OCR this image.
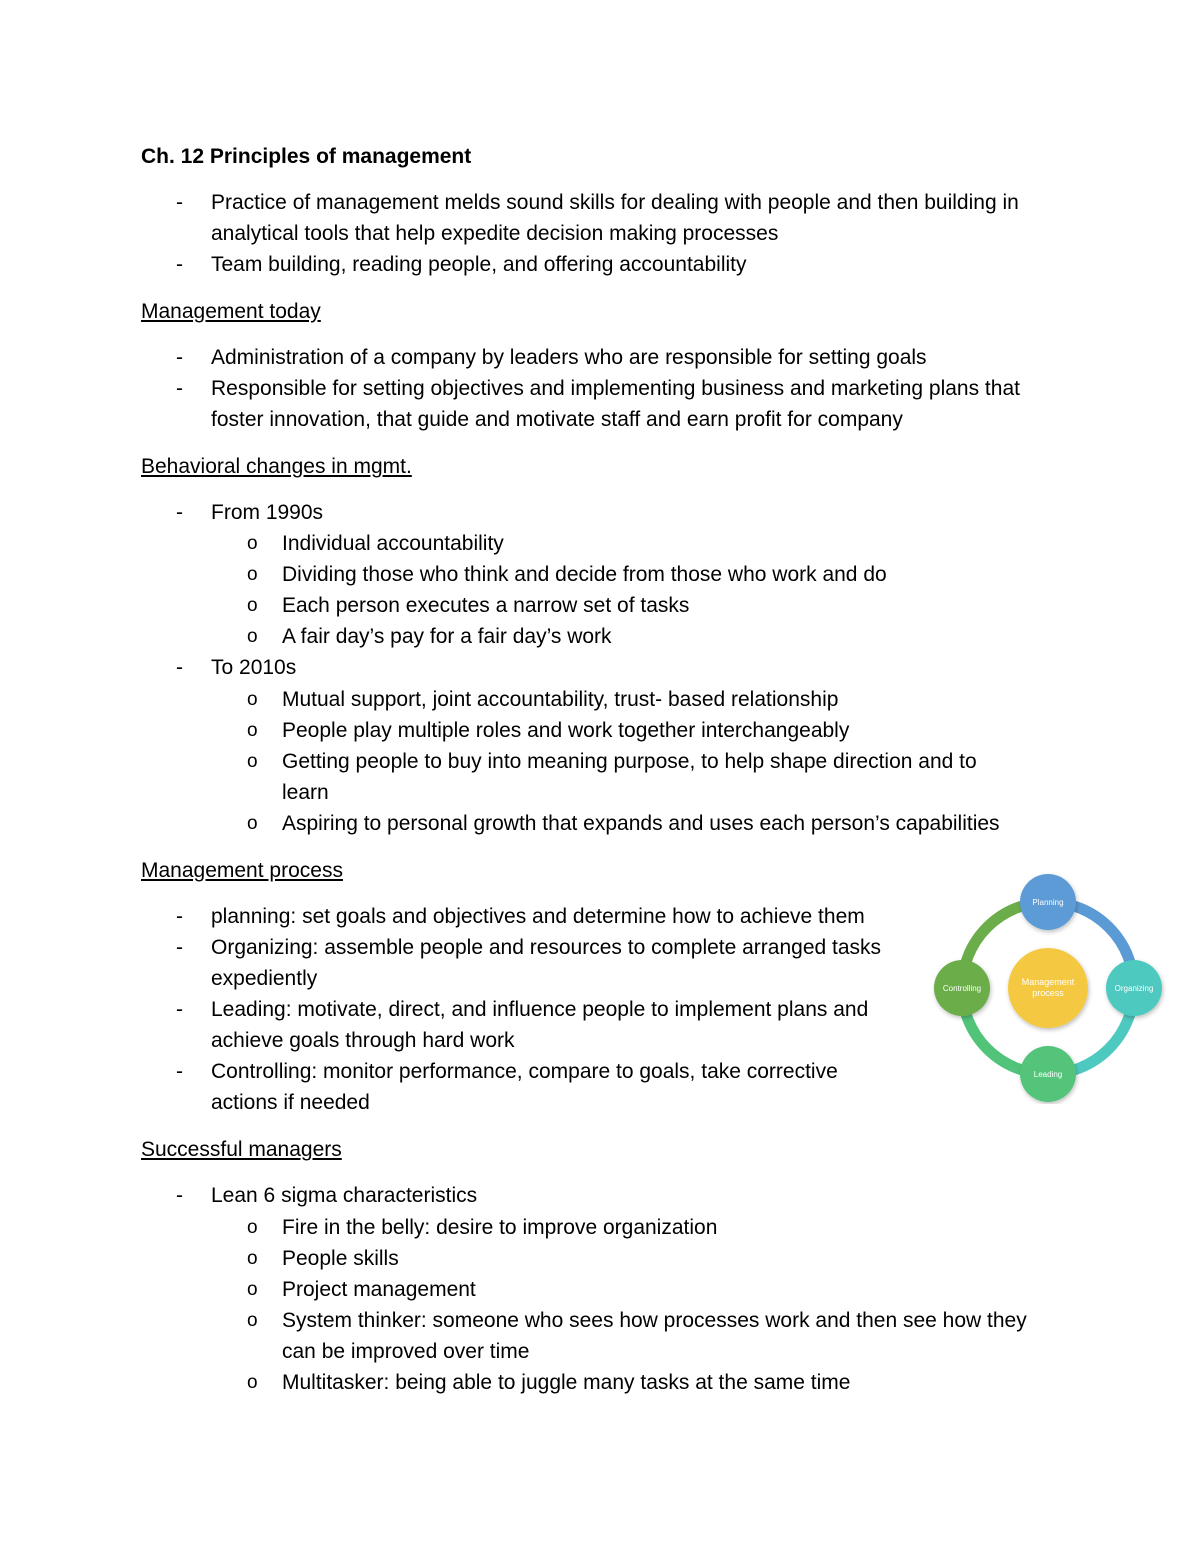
Ch. 12 Principles of management
- Practice of management melds sound skills for dealing with people and then building in
analytical tools that help expedite decision making processes
- Team building, reading people, and offering accountability
Management today
- Administration of a company by leaders who are responsible for setting goals
- Responsible for setting objectives and implementing business and marketing plans that
foster innovation, that guide and motivate staff and earn profit for company
Behavioral changes in mgmt.
- From 1990s
o Individual accountability
o Dividing those who think and decide from those who work and do
o Each person executes a narrow set of tasks
o A fair day’s pay for a fair day’s work
- To 2010s
o Mutual support, joint accountability, trust- based relationship
o People play multiple roles and work together interchangeably
o Getting people to buy into meaning purpose, to help shape direction and to
learn
o Aspiring to personal growth that expands and uses each person’s capabilities
Management process
- planning: set goals and objectives and determine how to achieve them
- Organizing: assemble people and resources to complete arranged tasks
expediently
- Leading: motivate, direct, and influence people to implement plans and
achieve goals through hard work
- Controlling: monitor performance, compare to goals, take corrective
actions if needed
Management
process
Planning
Organizing
Leading
Controlling
Successful managers
- Lean 6 sigma characteristics
o Fire in the belly: desire to improve organization
o People skills
o Project management
o System thinker: someone who sees how processes work and then see how they
can be improved over time
o Multitasker: being able to juggle many tasks at the same time
